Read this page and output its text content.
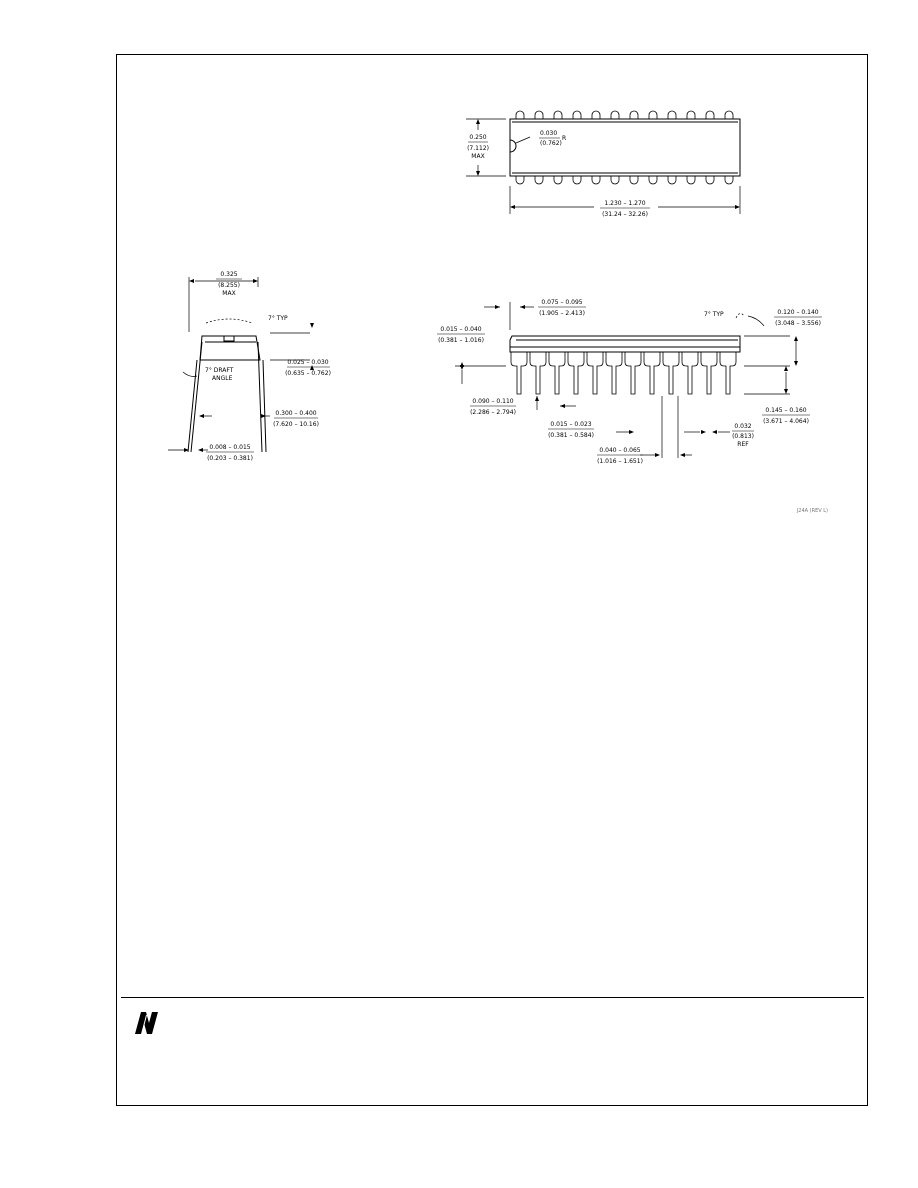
0.250
(7.112)
MAX
0.030
(0.762)
R
1.230 – 1.270
(31.24 – 32.26)
0.325
(8.255)
MAX
7° TYP
7° DRAFT
ANGLE
0.025 – 0.030
(0.635 – 0.762)
0.300 – 0.400
(7.620 – 10.16)
0.008 – 0.015
(0.203 – 0.381)
0.075 – 0.095
(1.905 – 2.413)	7° TYP	0.120 – 0.140
(3.048 – 3.556)
0.015 – 0.040
(0.381 – 1.016)
0.090 – 0.110
(2.286 – 2.794)
0.015 – 0.023
(0.381 – 0.584)
0.040 – 0.065
(1.016 – 1.651)
0.032
(0.813)
REF
0.145 – 0.160
(3.671 – 4.064)
J24A (REV L)
